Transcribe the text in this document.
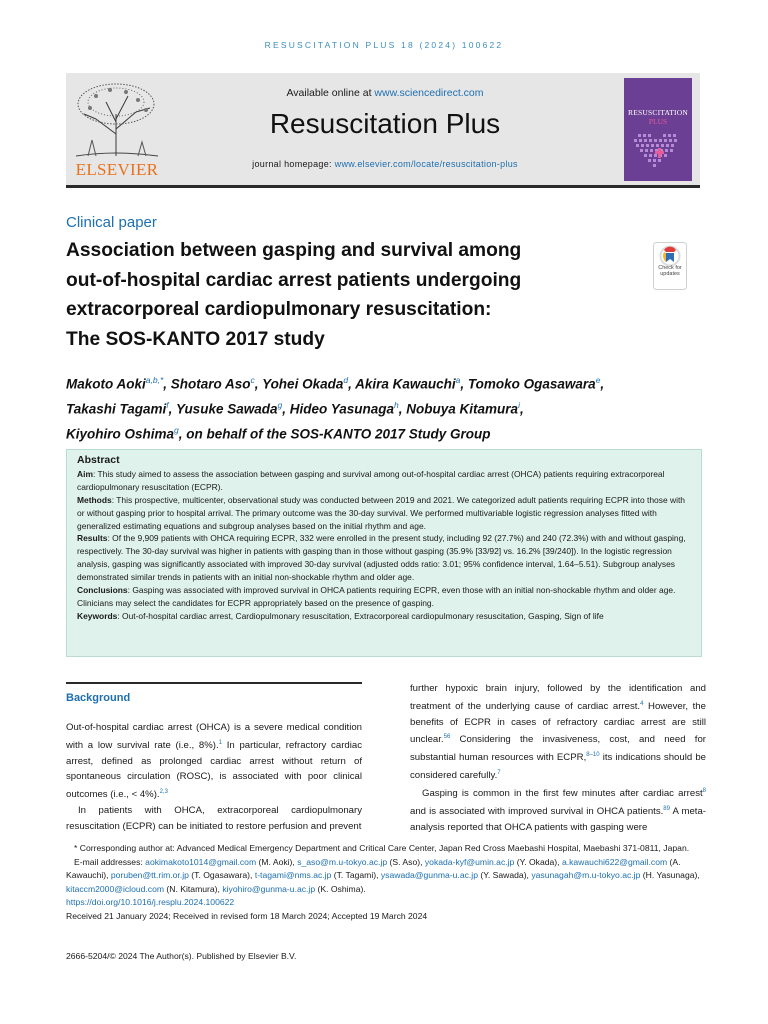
RESUSCITATION PLUS 18 (2024) 100622
ELSEVIER
Available online at www.sciencedirect.com
Resuscitation Plus
journal homepage: www.elsevier.com/locate/resuscitation-plus
RESUSCITATION
PLUS
Clinical paper
Association between gasping and survival among
out-of-hospital cardiac arrest patients undergoing
extracorporeal cardiopulmonary resuscitation:
The SOS-KANTO 2017 study
Check for updates
Makoto Aoki$^{a,b,*}$, Shotaro Aso$^c$, Yohei Okada$^d$, Akira Kawauchi$^a$, Tomoko Ogasawara$^e$,
Takashi Tagami$^f$, Yusuke Sawada$^g$, Hideo Yasunaga$^h$, Nobuya Kitamura$^i$,
Kiyohiro Oshima$^g$, on behalf of the SOS-KANTO 2017 Study Group
Abstract

Aim: This study aimed to assess the association between gasping and survival among out-of-hospital cardiac arrest (OHCA) patients requiring extracorporeal cardiopulmonary resuscitation (ECPR).

Methods: This prospective, multicenter, observational study was conducted between 2019 and 2021. We categorized adult patients requiring ECPR into those with or without gasping prior to hospital arrival. The primary outcome was the 30-day survival. We performed multivariable logistic regression analyses fitted with generalized estimating equations and subgroup analyses based on the initial rhythm and age.

Results: Of the 9,909 patients with OHCA requiring ECPR, 332 were enrolled in the present study, including 92 (27.7%) and 240 (72.3%) with and without gasping, respectively. The 30-day survival was higher in patients with gasping than in those without gasping (35.9% [33/92] vs. 16.2% [39/240]). In the logistic regression analysis, gasping was significantly associated with improved 30-day survival (adjusted odds ratio: 3.01; 95% confidence interval, 1.64–5.51). Subgroup analyses demonstrated similar trends in patients with an initial non-shockable rhythm and older age.

Conclusions: Gasping was associated with improved survival in OHCA patients requiring ECPR, even those with an initial non-shockable rhythm and older age. Clinicians may select the candidates for ECPR appropriately based on the presence of gasping.

Keywords: Out-of-hospital cardiac arrest, Cardiopulmonary resuscitation, Extracorporeal cardiopulmonary resuscitation, Gasping, Sign of life

Background

Out-of-hospital cardiac arrest (OHCA) is a severe medical condition with a low survival rate (i.e., 8%).$^1$ In particular, refractory cardiac arrest, defined as prolonged cardiac arrest without return of spontaneous circulation (ROSC), is associated with poor clinical outcomes (i.e., < 4%).$^{2,3}$

In patients with OHCA, extracorporeal cardiopulmonary resuscitation (ECPR) can be initiated to restore perfusion and prevent

further hypoxic brain injury, followed by the identification and treatment of the underlying cause of cardiac arrest.$^4$ However, the benefits of ECPR in cases of refractory cardiac arrest are still unclear.$^{56}$ Considering the invasiveness, cost, and need for substantial human resources with ECPR,$^{8-10}$ its indications should be considered carefully.$^7$

Gasping is common in the first few minutes after cardiac arrest$^8$ and is associated with improved survival in OHCA patients.$^{89}$ A meta-analysis reported that OHCA patients with gasping were

* Corresponding author at: Advanced Medical Emergency Department and Critical Care Center, Japan Red Cross Maebashi Hospital, Maebashi 371-0811, Japan.

E-mail addresses: aokimakoto1014@gmail.com (M. Aoki), s_aso@m.u-tokyo.ac.jp (S. Aso), yokada-kyf@umin.ac.jp (Y. Okada), a.kawauchi622@gmail.com (A. Kawauchi), poruben@tt.rim.or.jp (T. Ogasawara), t-tagami@nms.ac.jp (T. Tagami), ysawada@gunma-u.ac.jp (Y. Sawada), yasunagah@m.u-tokyo.ac.jp (H. Yasunaga), kitaccm2000@icloud.com (N. Kitamura), kiyohiro@gunma-u.ac.jp (K. Oshima).

https://doi.org/10.1016/j.resplu.2024.100622

Received 21 January 2024; Received in revised form 18 March 2024; Accepted 19 March 2024

2666-5204/© 2024 The Author(s). Published by Elsevier B.V.
